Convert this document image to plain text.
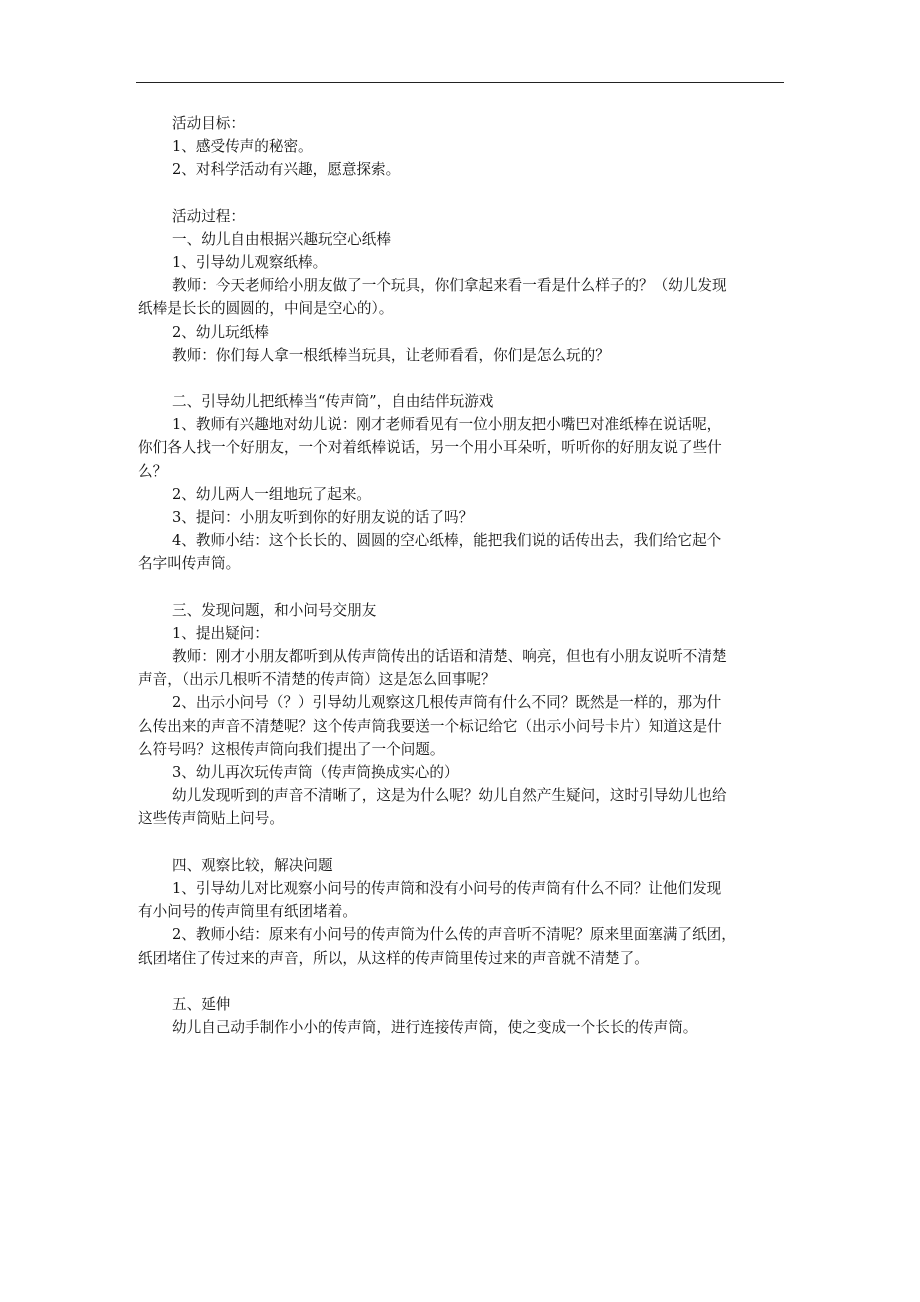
活动目标：
1、感受传声的秘密。
2、对科学活动有兴趣，愿意探索。
活动过程：
一、幼儿自由根据兴趣玩空心纸棒
1、引导幼儿观察纸棒。
教师：今天老师给小朋友做了一个玩具，你们拿起来看一看是什么样子的？（幼儿发现
纸棒是长长的圆圆的，中间是空心的）。
2、幼儿玩纸棒
教师：你们每人拿一根纸棒当玩具，让老师看看，你们是怎么玩的？
二、引导幼儿把纸棒当“传声筒”，自由结伴玩游戏
1、教师有兴趣地对幼儿说：刚才老师看见有一位小朋友把小嘴巴对准纸棒在说话呢，
你们各人找一个好朋友，一个对着纸棒说话，另一个用小耳朵听，听听你的好朋友说了些什
么？
2、幼儿两人一组地玩了起来。
3、提问：小朋友听到你的好朋友说的话了吗？
4、教师小结：这个长长的、圆圆的空心纸棒，能把我们说的话传出去，我们给它起个
名字叫传声筒。
三、发现问题，和小问号交朋友
1、提出疑问：
教师：刚才小朋友都听到从传声筒传出的话语和清楚、响亮，但也有小朋友说听不清楚
声音，（出示几根听不清楚的传声筒）这是怎么回事呢？
2、出示小问号（？）引导幼儿观察这几根传声筒有什么不同？既然是一样的，那为什
么传出来的声音不清楚呢？这个传声筒我要送一个标记给它（出示小问号卡片）知道这是什
么符号吗？这根传声筒向我们提出了一个问题。
3、幼儿再次玩传声筒（传声筒换成实心的）
幼儿发现听到的声音不清晰了，这是为什么呢？幼儿自然产生疑问，这时引导幼儿也给
这些传声筒贴上问号。
四、观察比较，解决问题
1、引导幼儿对比观察小问号的传声筒和没有小问号的传声筒有什么不同？让他们发现
有小问号的传声筒里有纸团堵着。
2、教师小结：原来有小问号的传声筒为什么传的声音听不清呢？原来里面塞满了纸团，
纸团堵住了传过来的声音，所以，从这样的传声筒里传过来的声音就不清楚了。
五、延伸
幼儿自己动手制作小小的传声筒，进行连接传声筒，使之变成一个长长的传声筒。
